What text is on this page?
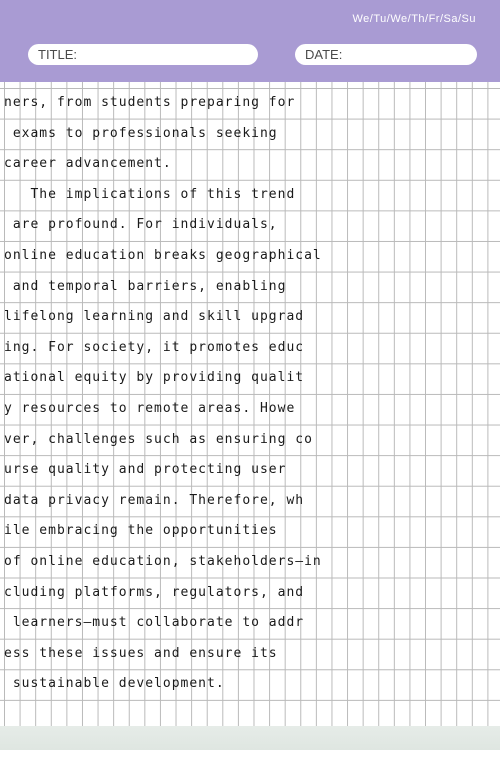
We/Tu/We/Th/Fr/Sa/Su
TITLE:	DATE:
ners, from students preparing for
exams to professionals seeking
career advancement.
The implications of this trend
are profound. For individuals,
online education breaks geographical
and temporal barriers, enabling
lifelong learning and skill upgrad
ing. For society, it promotes educ
ational equity by providing qualit
y resources to remote areas. Howe
ver, challenges such as ensuring co
urse quality and protecting user
data privacy remain. Therefore, wh
ile embracing the opportunities
of online education, stakeholders—in
cluding platforms, regulators, and
learners—must collaborate to addr
ess these issues and ensure its
sustainable development.
